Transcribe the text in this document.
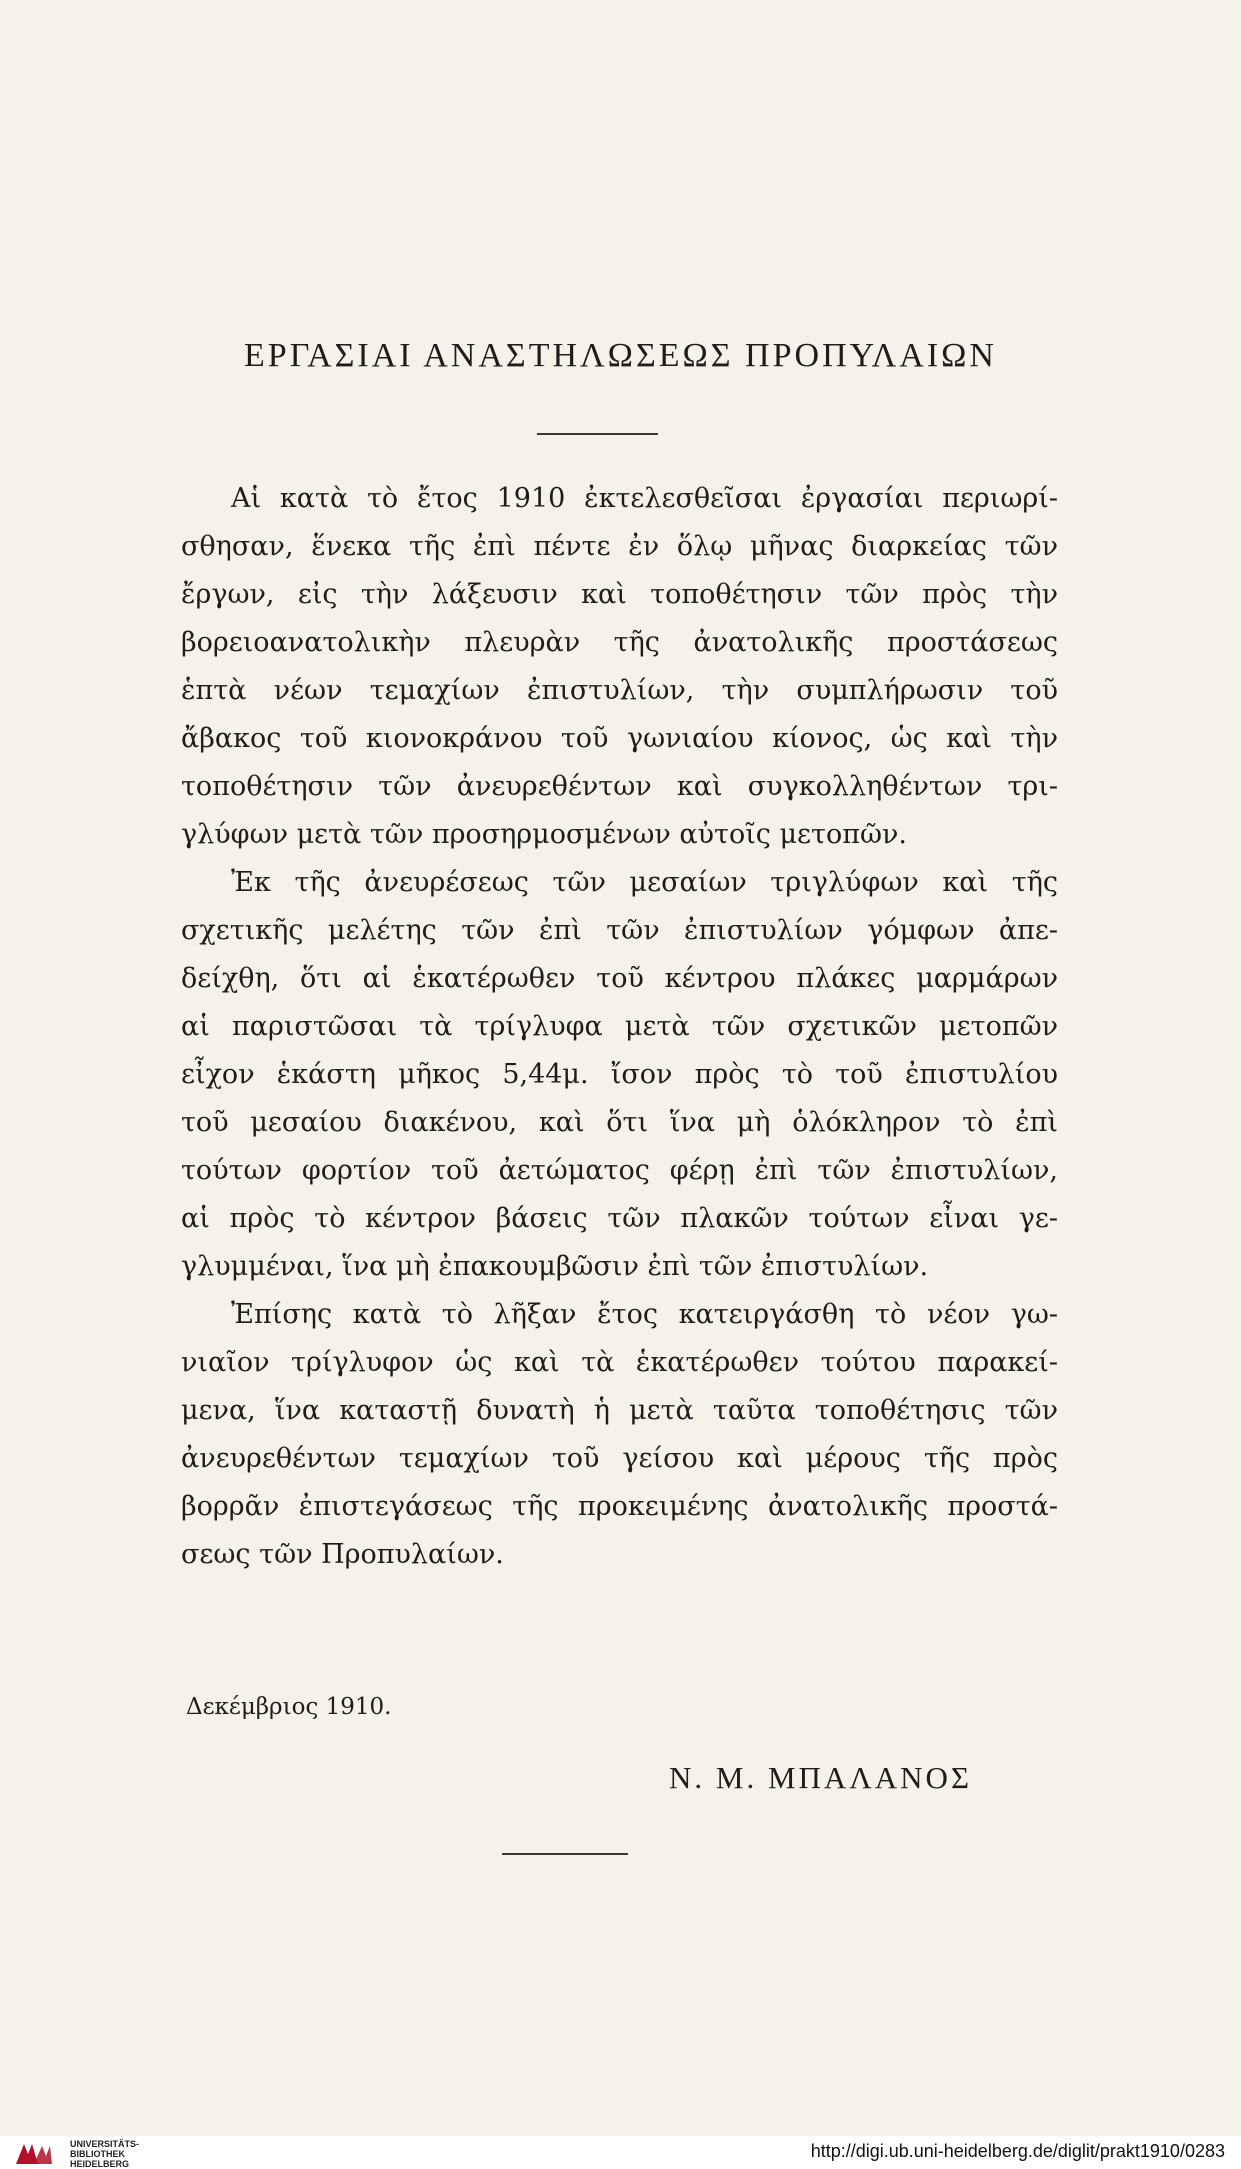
ΕΡΓΑΣΙΑΙ ΑΝΑΣΤΗΛΩΣΕΩΣ ΠΡΟΠΥΛΑΙΩΝ
Αἱ κατὰ τὸ ἔτος 1910 ἐκτελεσθεῖσαι ἐργασίαι περιωρί-
σθησαν, ἕνεκα τῆς ἐπὶ πέντε ἐν ὅλῳ μῆνας διαρκείας τῶν
ἔργων, εἰς τὴν λάξευσιν καὶ τοποθέτησιν τῶν πρὸς τὴν
βορειοανατολικὴν πλευρὰν τῆς ἀνατολικῆς προστάσεως
ἑπτὰ νέων τεμαχίων ἐπιστυλίων, τὴν συμπλήρωσιν τοῦ
ἄβακος τοῦ κιονοκράνου τοῦ γωνιαίου κίονος, ὡς καὶ τὴν
τοποθέτησιν τῶν ἀνευρεθέντων καὶ συγκολληθέντων τρι-
γλύφων μετὰ τῶν προσηρμοσμένων αὐτοῖς μετοπῶν.
Ἐκ τῆς ἀνευρέσεως τῶν μεσαίων τριγλύφων καὶ τῆς
σχετικῆς μελέτης τῶν ἐπὶ τῶν ἐπιστυλίων γόμφων ἀπε-
δείχθη, ὅτι αἱ ἑκατέρωθεν τοῦ κέντρου πλάκες μαρμάρων
αἱ παριστῶσαι τὰ τρίγλυφα μετὰ τῶν σχετικῶν μετοπῶν
εἶχον ἑκάστη μῆκος 5,44μ. ἴσον πρὸς τὸ τοῦ ἐπιστυλίου
τοῦ μεσαίου διακένου, καὶ ὅτι ἵνα μὴ ὁλόκληρον τὸ ἐπὶ
τούτων φορτίον τοῦ ἀετώματος φέρῃ ἐπὶ τῶν ἐπιστυλίων,
αἱ πρὸς τὸ κέντρον βάσεις τῶν πλακῶν τούτων εἶναι γε-
γλυμμέναι, ἵνα μὴ ἐπακουμβῶσιν ἐπὶ τῶν ἐπιστυλίων.
Ἐπίσης κατὰ τὸ λῆξαν ἔτος κατειργάσθη τὸ νέον γω-
νιαῖον τρίγλυφον ὡς καὶ τὰ ἑκατέρωθεν τούτου παρακεί-
μενα, ἵνα καταστῇ δυνατὴ ἡ μετὰ ταῦτα τοποθέτησις τῶν
ἀνευρεθέντων τεμαχίων τοῦ γείσου καὶ μέρους τῆς πρὸς
βορρᾶν ἐπιστεγάσεως τῆς προκειμένης ἀνατολικῆς προστά-
σεως τῶν Προπυλαίων.
Δεκέμβριος 1910.
Ν. Μ. ΜΠΑΛΑΝΟΣ
UNIVERSITÄTS-
BIBLIOTHEK
HEIDELBERG
http://digi.ub.uni-heidelberg.de/diglit/prakt1910/0283
